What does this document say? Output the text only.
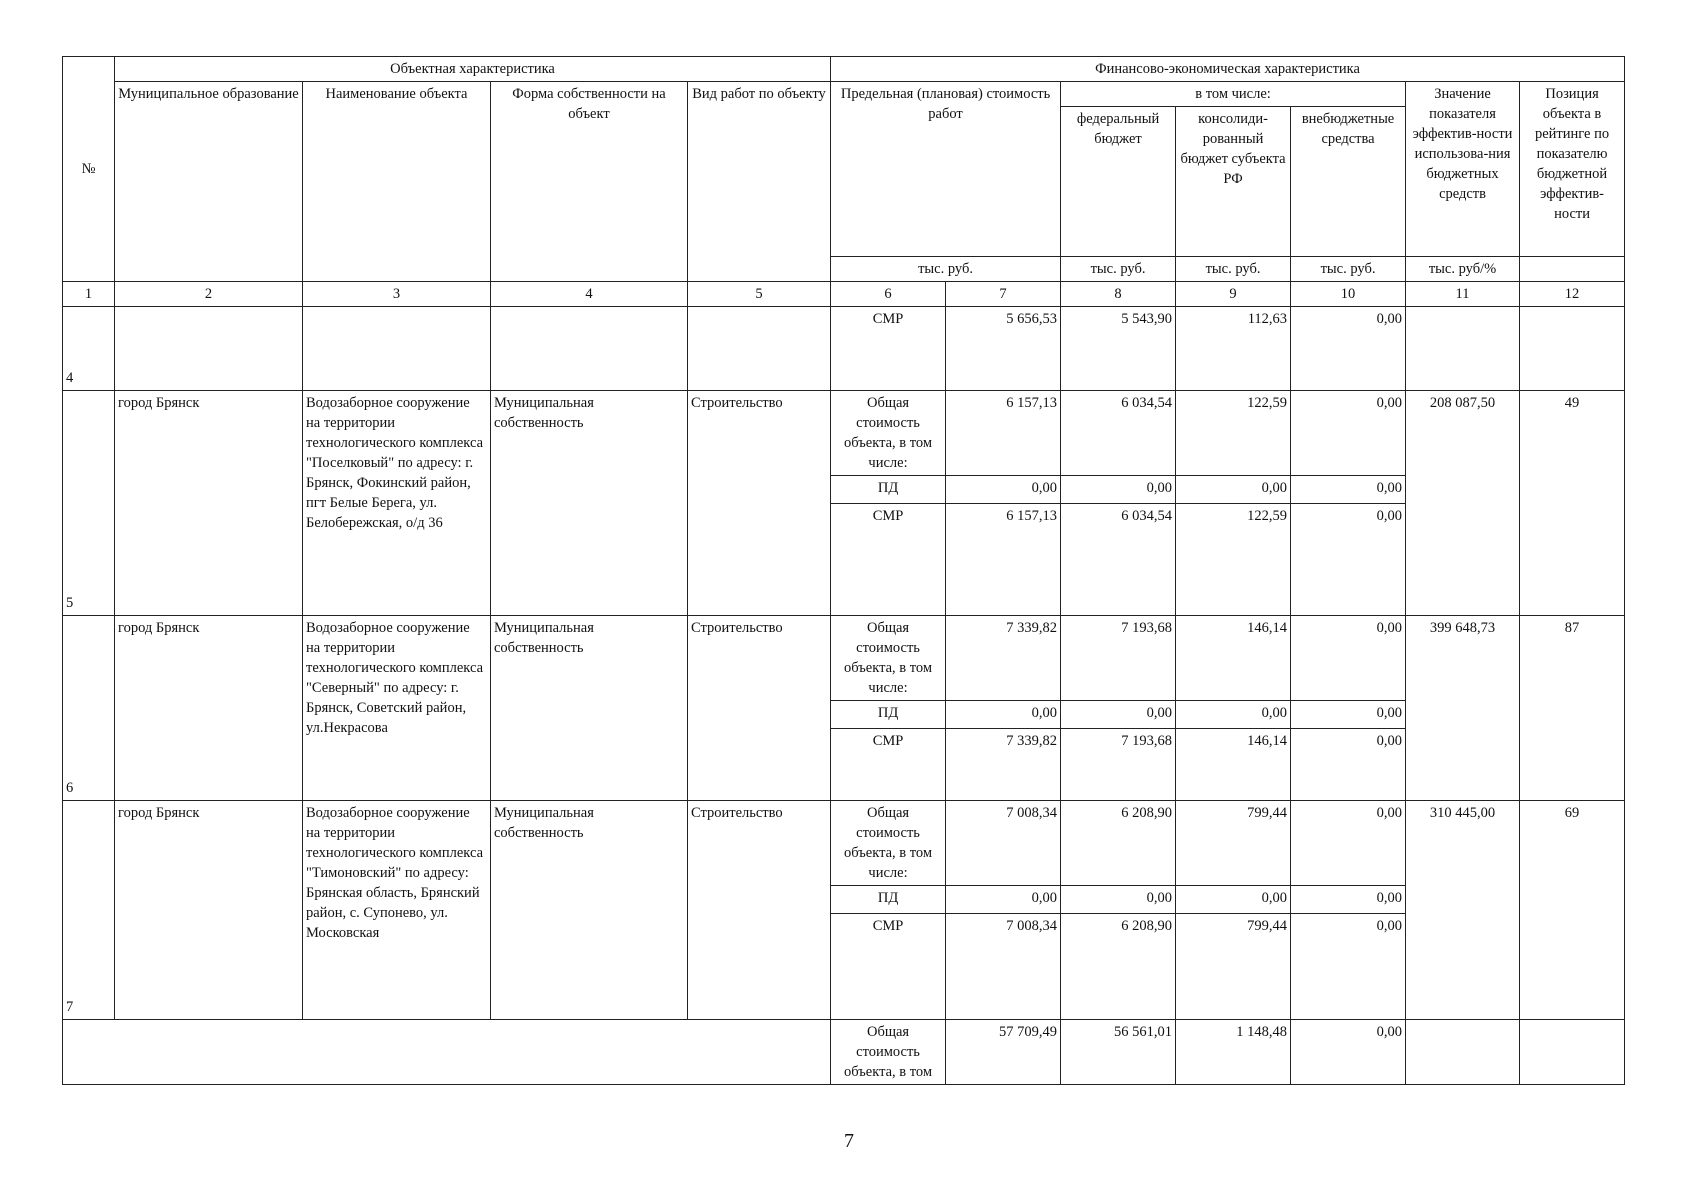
№	Объектная характеристика				Финансово-экономическая характеристика						
	Муниципальное образование	Наименование объекта	Форма собственности на объект	Вид работ по объекту	Предельная (плановая) стоимость работ		в том числе:			Значение показателя эффектив-ности использова-ния бюджетных средств	Позиция объекта в рейтинге по показателю бюджетной эффектив-ности
							федеральный бюджет	консолиди-рованный бюджет субъекта РФ	внебюджетные средства		
					тыс. руб.		тыс. руб.	тыс. руб.	тыс. руб.	тыс. руб/%	
1	2	3	4	5	6	7	8	9	10	11	12
4					СМР	5 656,53	5 543,90	112,63	0,00		
5	город Брянск	Водозаборное сооружение на территории технологического комплекса "Поселковый" по адресу: г. Брянск, Фокинский район, пгт Белые Берега, ул. Белобережская, о/д 36	Муниципальная собственность	Строительство	Общая стоимость объекта, в том числе:	6 157,13	6 034,54	122,59	0,00	208 087,50	49
					ПД	0,00	0,00	0,00	0,00		
					СМР	6 157,13	6 034,54	122,59	0,00		
6	город Брянск	Водозаборное сооружение на территории технологического комплекса "Северный" по адресу: г. Брянск, Советский район, ул.Некрасова	Муниципальная собственность	Строительство	Общая стоимость объекта, в том числе:	7 339,82	7 193,68	146,14	0,00	399 648,73	87
					ПД	0,00	0,00	0,00	0,00		
					СМР	7 339,82	7 193,68	146,14	0,00		
7	город Брянск	Водозаборное сооружение на территории технологического комплекса "Тимоновский" по адресу: Брянская область, Брянский район, с. Супонево, ул. Московская	Муниципальная собственность	Строительство	Общая стоимость объекта, в том числе:	7 008,34	6 208,90	799,44	0,00	310 445,00	69
					ПД	0,00	0,00	0,00	0,00		
					СМР	7 008,34	6 208,90	799,44	0,00		
					Общая стоимость объекта, в том	57 709,49	56 561,01	1 148,48	0,00		
7
